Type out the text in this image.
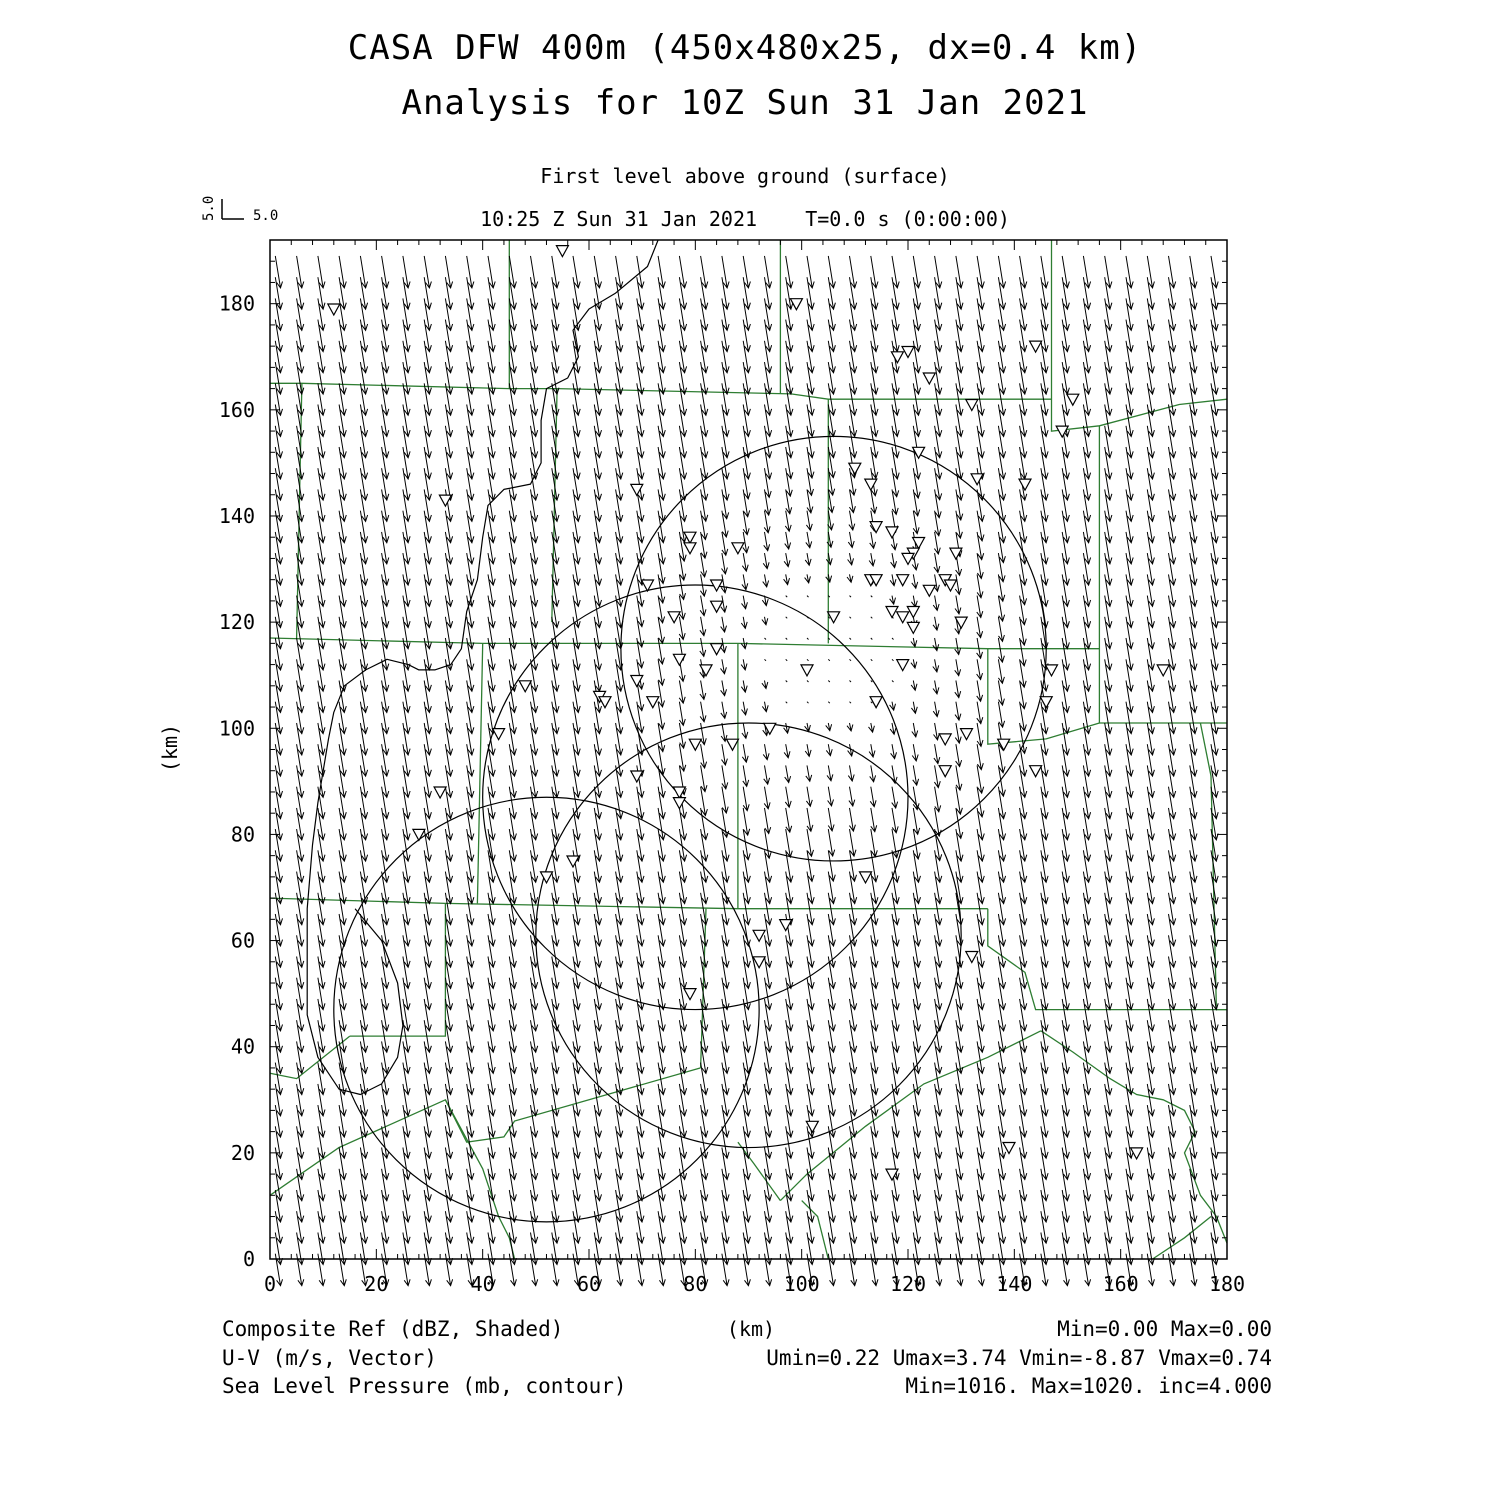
CASA DFW 400m (450x480x25, dx=0.4 km)
Analysis for 10Z Sun 31 Jan 2021
First level above ground (surface)
10:25 Z Sun 31 Jan 2021    T=0.0 s (0:00:00)
5.0	5.0
0	20	40	60	80	100	120	140	160	180
0
20
40
60
80
100
120
140
160
180
(km)
(km)
Composite Ref (dBZ, Shaded)
U-V (m/s, Vector)
Sea Level Pressure (mb, contour)
Min=0.00 Max=0.00
Umin=0.22 Umax=3.74 Vmin=-8.87 Vmax=0.74
Min=1016. Max=1020. inc=4.000
